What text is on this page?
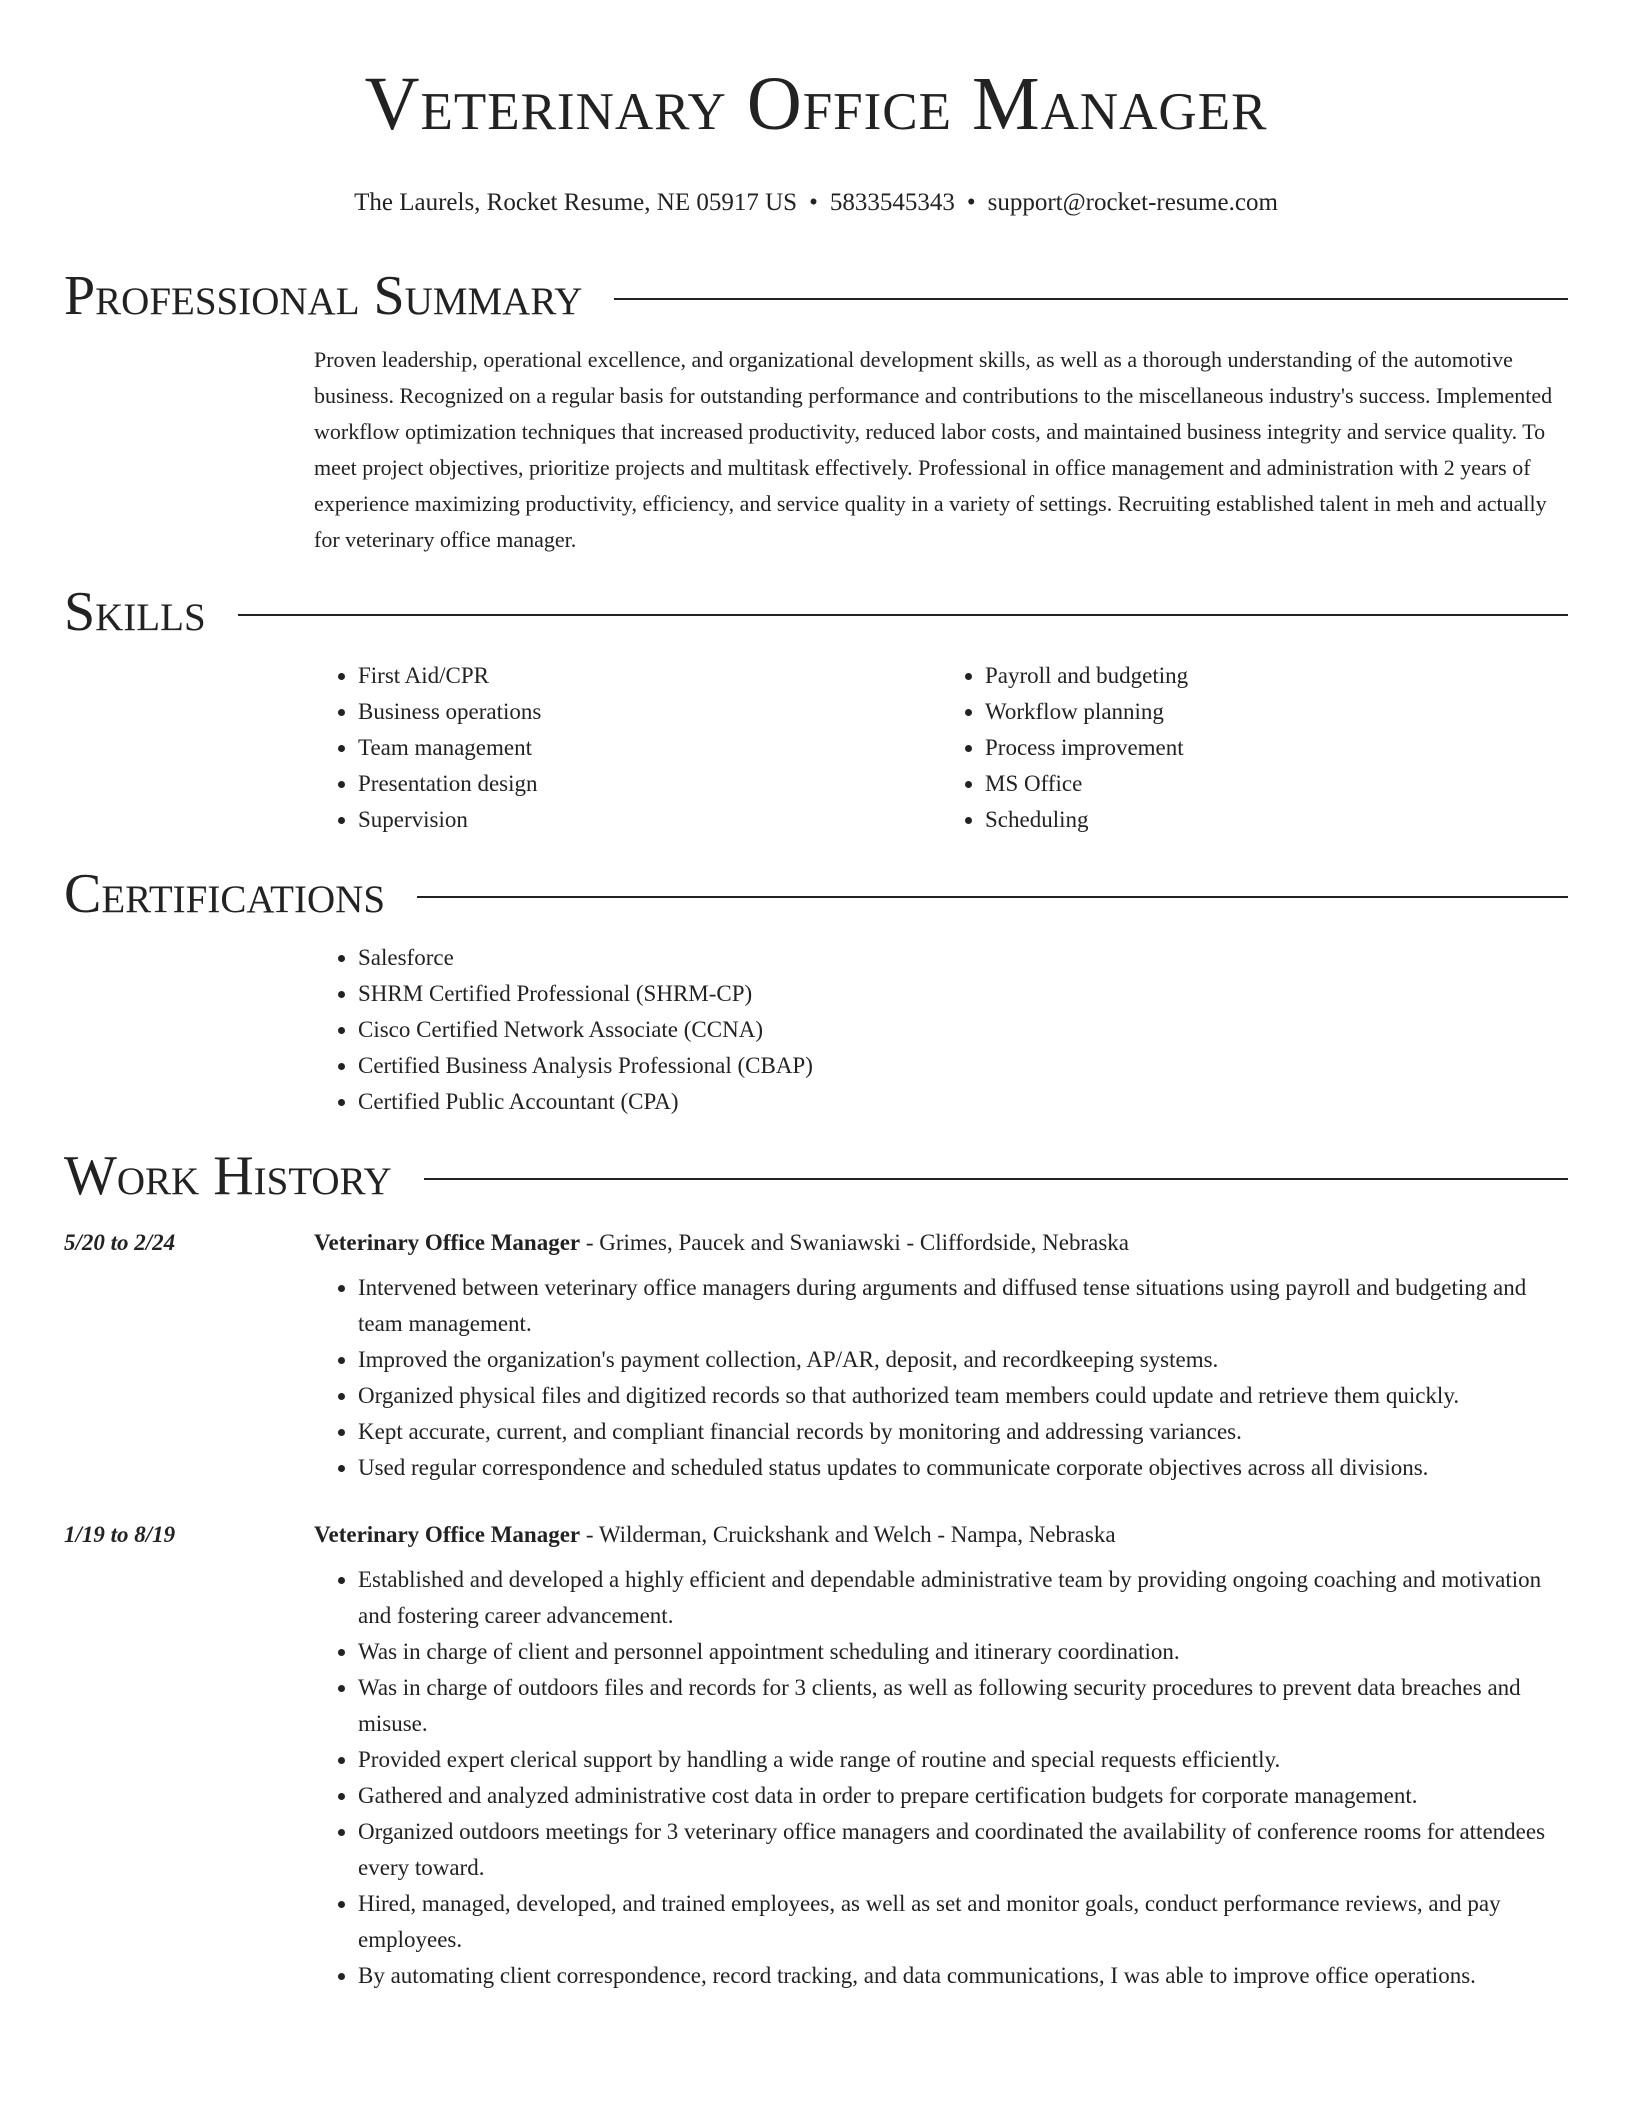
Veterinary Office Manager
The Laurels, Rocket Resume, NE 05917 US • 5833545343 • support@rocket-resume.com
Professional Summary
Proven leadership, operational excellence, and organizational development skills, as well as a thorough understanding of the automotive business. Recognized on a regular basis for outstanding performance and contributions to the miscellaneous industry's success. Implemented workflow optimization techniques that increased productivity, reduced labor costs, and maintained business integrity and service quality. To meet project objectives, prioritize projects and multitask effectively. Professional in office management and administration with 2 years of experience maximizing productivity, efficiency, and service quality in a variety of settings. Recruiting established talent in meh and actually for veterinary office manager.
Skills
• First Aid/CPR
• Business operations
• Team management
• Presentation design
• Supervision
• Payroll and budgeting
• Workflow planning
• Process improvement
• MS Office
• Scheduling
Certifications
• Salesforce
• SHRM Certified Professional (SHRM-CP)
• Cisco Certified Network Associate (CCNA)
• Certified Business Analysis Professional (CBAP)
• Certified Public Accountant (CPA)
Work History
5/20 to 2/24	Veterinary Office Manager - Grimes, Paucek and Swaniawski - Cliffordside, Nebraska
• Intervened between veterinary office managers during arguments and diffused tense situations using payroll and budgeting and team management.
• Improved the organization's payment collection, AP/AR, deposit, and recordkeeping systems.
• Organized physical files and digitized records so that authorized team members could update and retrieve them quickly.
• Kept accurate, current, and compliant financial records by monitoring and addressing variances.
• Used regular correspondence and scheduled status updates to communicate corporate objectives across all divisions.
1/19 to 8/19	Veterinary Office Manager - Wilderman, Cruickshank and Welch - Nampa, Nebraska
• Established and developed a highly efficient and dependable administrative team by providing ongoing coaching and motivation and fostering career advancement.
• Was in charge of client and personnel appointment scheduling and itinerary coordination.
• Was in charge of outdoors files and records for 3 clients, as well as following security procedures to prevent data breaches and misuse.
• Provided expert clerical support by handling a wide range of routine and special requests efficiently.
• Gathered and analyzed administrative cost data in order to prepare certification budgets for corporate management.
• Organized outdoors meetings for 3 veterinary office managers and coordinated the availability of conference rooms for attendees every toward.
• Hired, managed, developed, and trained employees, as well as set and monitor goals, conduct performance reviews, and pay employees.
• By automating client correspondence, record tracking, and data communications, I was able to improve office operations.
